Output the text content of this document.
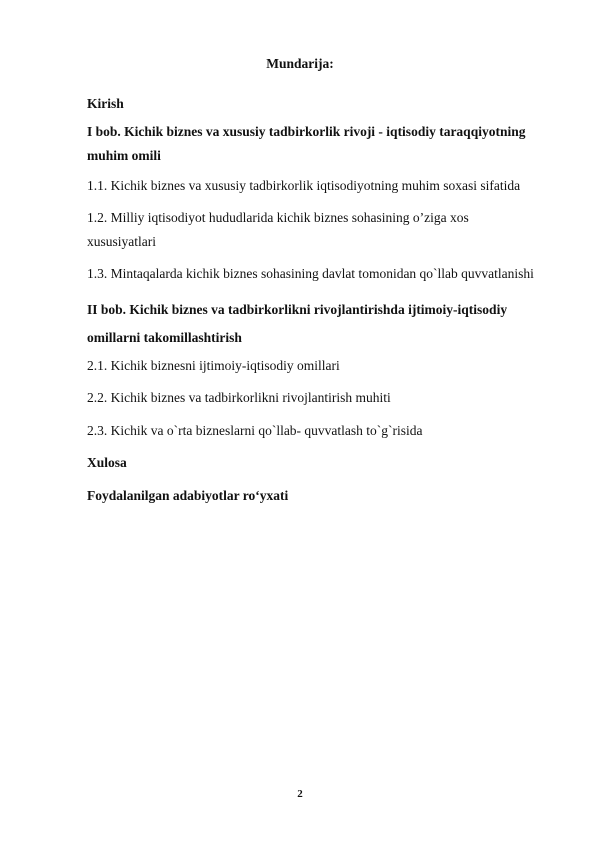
Mundarija:
Kirish
I bob. Kichik biznes va xususiy tadbirkorlik rivoji - iqtisodiy taraqqiyotning
muhim omili
1.1. Kichik biznes va xususiy tadbirkorlik iqtisodiyotning muhim soxasi sifatida
1.2. Milliy iqtisodiyot hududlarida kichik biznes sohasining o’ziga xos
xususiyatlari
1.3. Mintaqalarda kichik biznes sohasining davlat tomonidan qo`llab quvvatlanishi
II bob. Kichik biznes va tadbirkorlikni rivojlantirishda ijtimoiy-iqtisodiy
omillarni takomillashtirish
2.1. Kichik biznesni ijtimoiy-iqtisodiy omillari
2.2. Kichik biznes va tadbirkorlikni rivojlantirish muhiti
2.3. Kichik va o`rta bizneslarni qo`llab- quvvatlash to`g`risida
Xulosa
Foydalanilgan adabiyotlar ro‘yxati
2
